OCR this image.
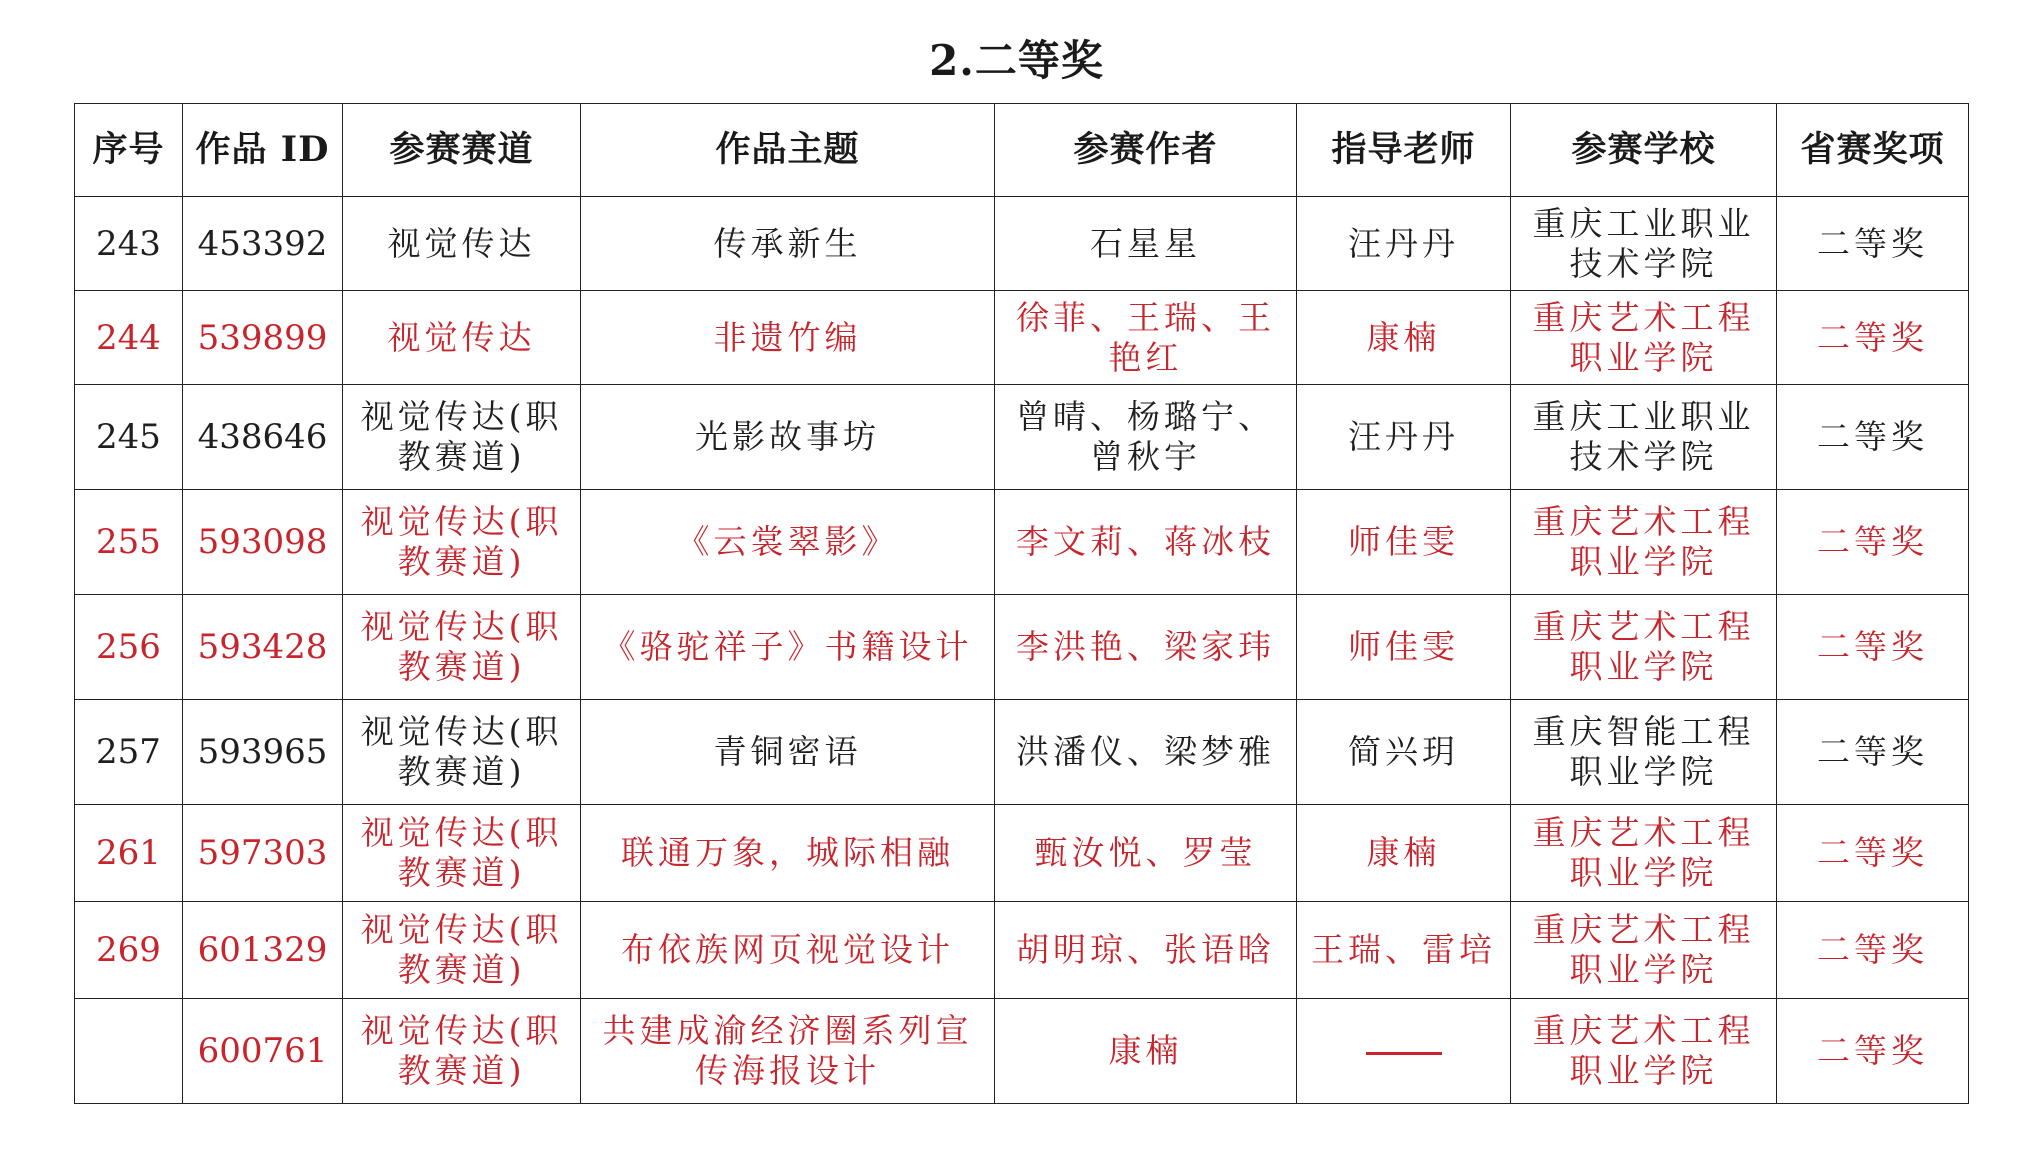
2.二等奖
序号	作品 ID	参赛赛道	作品主题	参赛作者	指导老师	参赛学校	省赛奖项
243	453392	视觉传达	传承新生	石星星	汪丹丹	重庆工业职业技术学院	二等奖
244	539899	视觉传达	非遗竹编	徐菲、王瑞、王艳红	康楠	重庆艺术工程职业学院	二等奖
245	438646	视觉传达(职教赛道)	光影故事坊	曾晴、杨璐宁、曾秋宇	汪丹丹	重庆工业职业技术学院	二等奖
255	593098	视觉传达(职教赛道)	《云裳翠影》	李文莉、蒋冰枝	师佳雯	重庆艺术工程职业学院	二等奖
256	593428	视觉传达(职教赛道)	《骆驼祥子》书籍设计	李洪艳、梁家玮	师佳雯	重庆艺术工程职业学院	二等奖
257	593965	视觉传达(职教赛道)	青铜密语	洪潘仪、梁梦雅	简兴玥	重庆智能工程职业学院	二等奖
261	597303	视觉传达(职教赛道)	联通万象，城际相融	甄汝悦、罗莹	康楠	重庆艺术工程职业学院	二等奖
269	601329	视觉传达(职教赛道)	布依族网页视觉设计	胡明琼、张语晗	王瑞、雷培	重庆艺术工程职业学院	二等奖
	600761	视觉传达(职教赛道)	共建成渝经济圈系列宣传海报设计	康楠		重庆艺术工程职业学院	二等奖
